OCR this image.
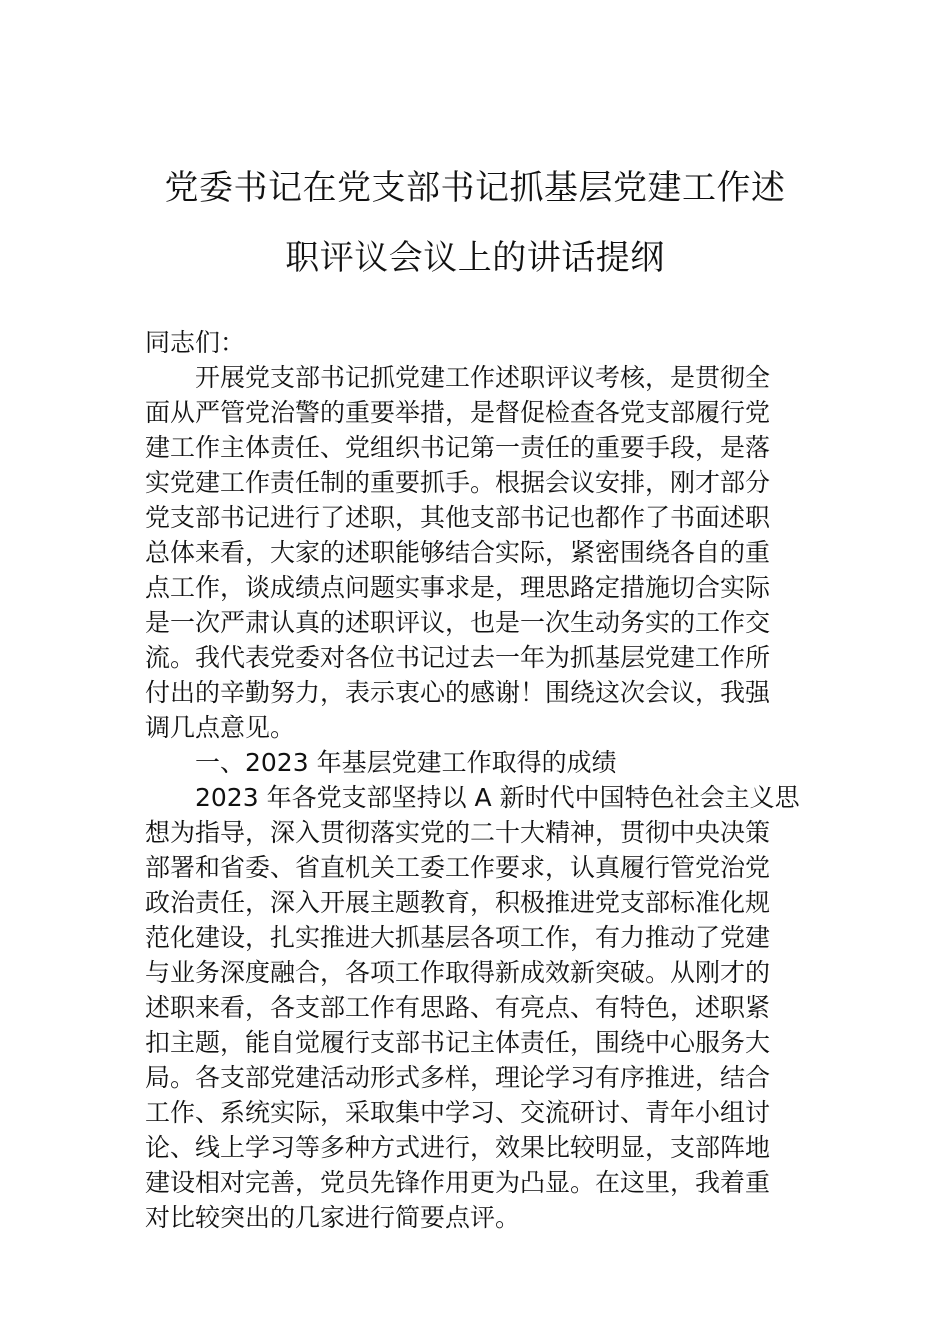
党委书记在党支部书记抓基层党建工作述
职评议会议上的讲话提纲
同志们：
开展党支部书记抓党建工作述职评议考核，是贯彻全
面从严管党治警的重要举措，是督促检查各党支部履行党
建工作主体责任、党组织书记第一责任的重要手段，是落
实党建工作责任制的重要抓手。根据会议安排，刚才部分
党支部书记进行了述职，其他支部书记也都作了书面述职
总体来看，大家的述职能够结合实际，紧密围绕各自的重
点工作，谈成绩点问题实事求是，理思路定措施切合实际
是一次严肃认真的述职评议，也是一次生动务实的工作交
流。我代表党委对各位书记过去一年为抓基层党建工作所
付出的辛勤努力，表示衷心的感谢！围绕这次会议，我强
调几点意见。
一、2023 年基层党建工作取得的成绩
2023 年各党支部坚持以 A 新时代中国特色社会主义思
想为指导，深入贯彻落实党的二十大精神，贯彻中央决策
部署和省委、省直机关工委工作要求，认真履行管党治党
政治责任，深入开展主题教育，积极推进党支部标准化规
范化建设，扎实推进大抓基层各项工作，有力推动了党建
与业务深度融合，各项工作取得新成效新突破。从刚才的
述职来看，各支部工作有思路、有亮点、有特色，述职紧
扣主题，能自觉履行支部书记主体责任，围绕中心服务大
局。各支部党建活动形式多样，理论学习有序推进，结合
工作、系统实际，采取集中学习、交流研讨、青年小组讨
论、线上学习等多种方式进行，效果比较明显，支部阵地
建设相对完善，党员先锋作用更为凸显。在这里，我着重
对比较突出的几家进行简要点评。
